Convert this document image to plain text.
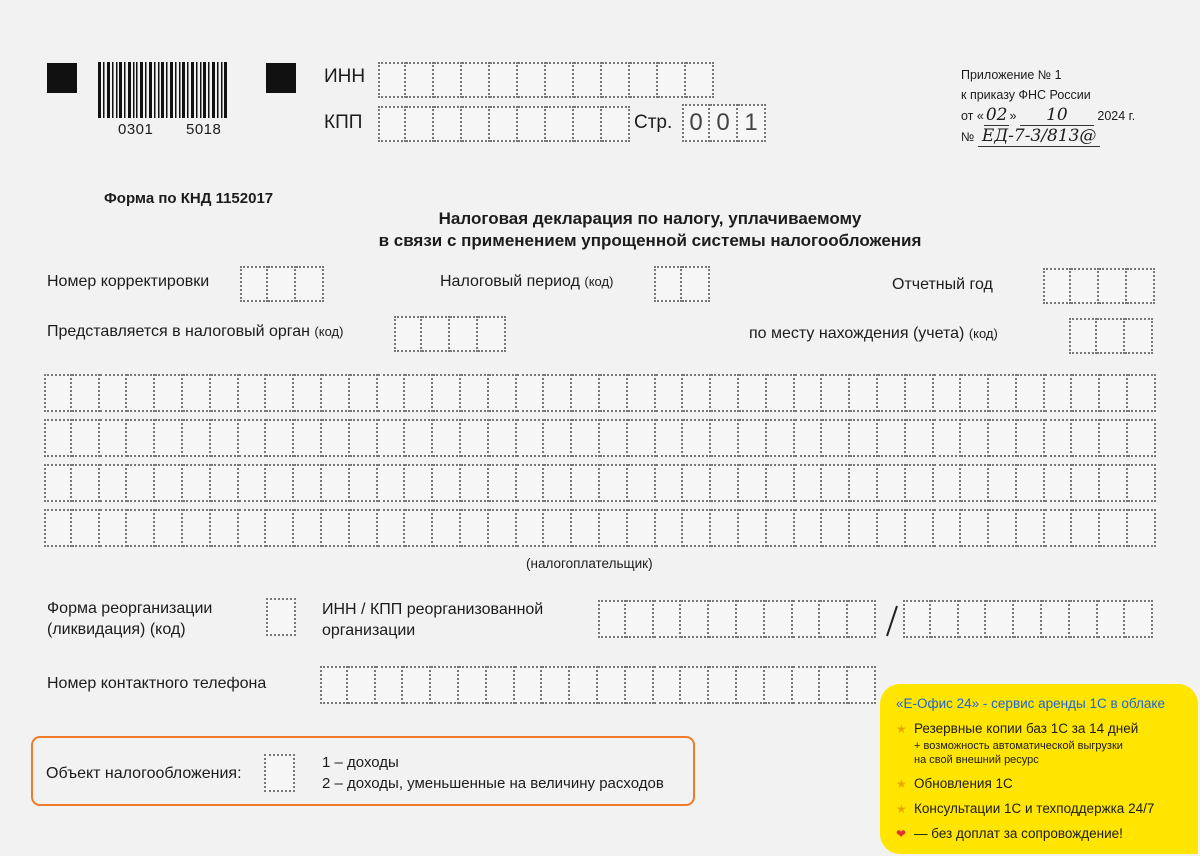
0301 5018
ИНН
КПП	Стр. 0 0 1
Приложение № 1
к приказу ФНС России
от « 02 » 10 2024 г.
№ ЕД-7-3/813@
Форма по КНД 1152017
Налоговая декларация по налогу, уплачиваемому
в связи с применением упрощенной системы налогообложения
Номер корректировки	Налоговый период (код)	Отчетный год
Представляется в налоговый орган (код)	по месту нахождения (учета) (код)
(налогоплательщик)
Форма реорганизации
(ликвидация) (код)
ИНН / КПП реорганизованной
организации
Номер контактного телефона
Объект налогообложения:
1 – доходы
2 – доходы, уменьшенные на величину расходов
«Е-Офис 24» - сервис аренды 1С в облаке
★ Резервные копии баз 1С за 14 дней
+ возможность автоматической выгрузки
на свой внешний ресурс
★ Обновления 1С
★ Консультации 1С и техподдержка 24/7
❤ — без доплат за сопровождение!
